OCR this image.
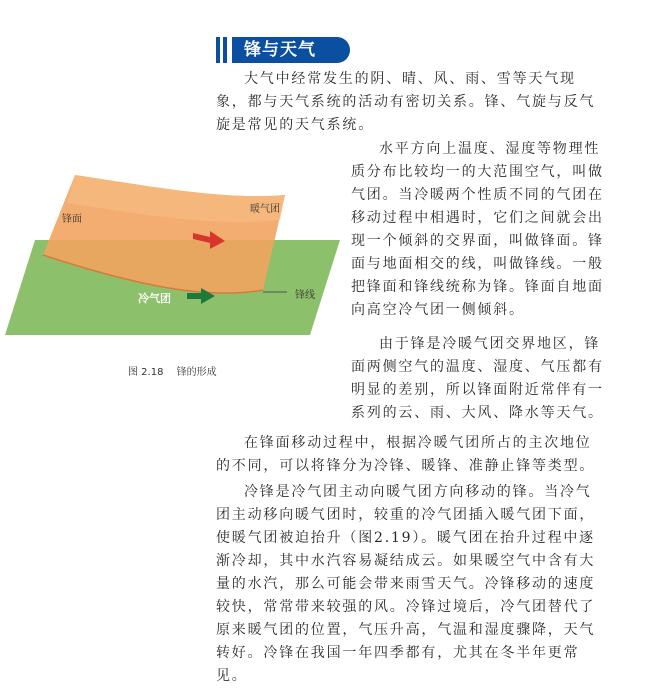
锋与天气

大气中经常发生的阴、晴、风、雨、雪等天气现象，都与天气系统的活动有密切关系。锋、气旋与反气旋是常见的天气系统。

水平方向上温度、湿度等物理性质分布比较均一的大范围空气，叫做气团。当冷暖两个性质不同的气团在移动过程中相遇时，它们之间就会出现一个倾斜的交界面，叫做锋面。锋面与地面相交的线，叫做锋线。一般把锋面和锋线统称为锋。锋面自地面向高空冷气团一侧倾斜。

锋面
暖气团
冷气团	锋线
图 2.18 锋的形成

由于锋是冷暖气团交界地区，锋面两侧空气的温度、湿度、气压都有明显的差别，所以锋面附近常伴有一系列的云、雨、大风、降水等天气。

在锋面移动过程中，根据冷暖气团所占的主次地位的不同，可以将锋分为冷锋、暖锋、准静止锋等类型。

冷锋是冷气团主动向暖气团方向移动的锋。当冷气团主动移向暖气团时，较重的冷气团插入暖气团下面，使暖气团被迫抬升（图2.19）。暖气团在抬升过程中逐渐冷却，其中水汽容易凝结成云。如果暖空气中含有大量的水汽，那么可能会带来雨雪天气。冷锋移动的速度较快，常常带来较强的风。冷锋过境后，冷气团替代了原来暖气团的位置，气压升高，气温和湿度骤降，天气转好。冷锋在我国一年四季都有，尤其在冬半年更常见。
